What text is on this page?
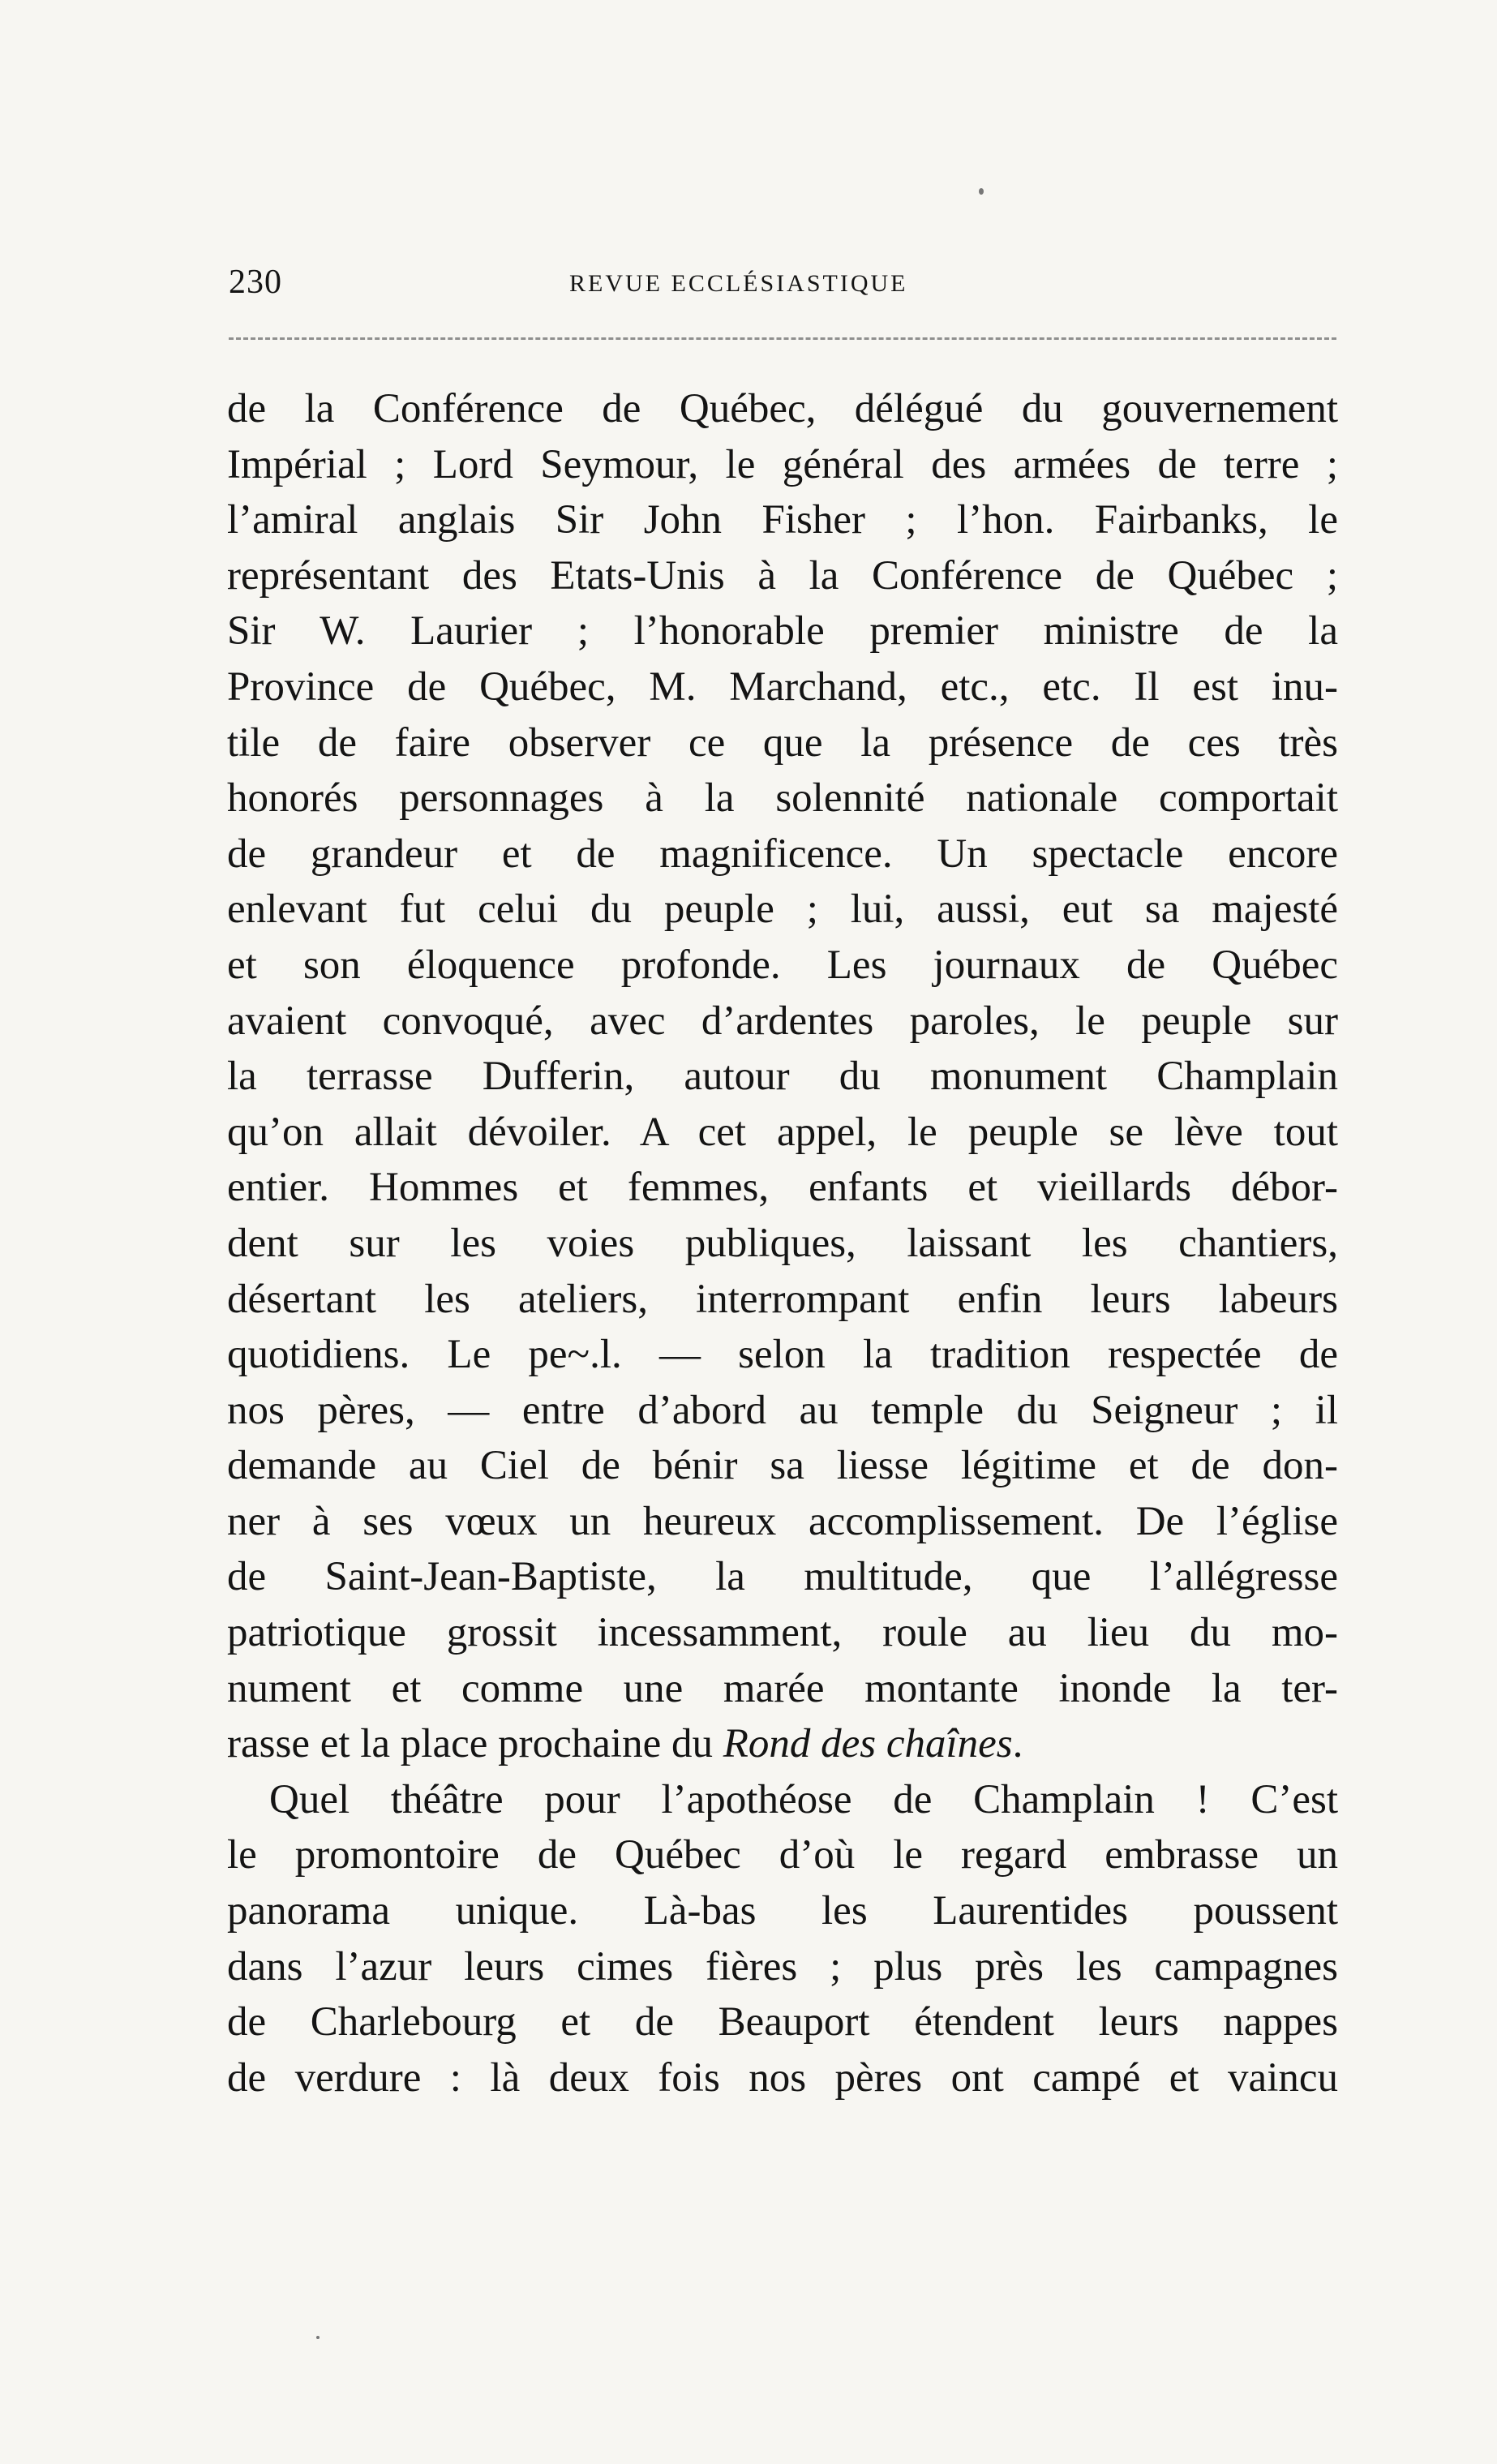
230	REVUE ECCLÉSIASTIQUE

de la Conférence de Québec, délégué du gouvernement
Impérial ; Lord Seymour, le général des armées de terre ;
l’amiral anglais Sir John Fisher ; l’hon. Fairbanks, le
représentant des Etats-Unis à la Conférence de Québec ;
Sir W. Laurier ; l’honorable premier ministre de la
Province de Québec, M. Marchand, etc., etc. Il est inu-
tile de faire observer ce que la présence de ces très
honorés personnages à la solennité nationale comportait
de grandeur et de magnificence. Un spectacle encore
enlevant fut celui du peuple ; lui, aussi, eut sa majesté
et son éloquence profonde. Les journaux de Québec
avaient convoqué, avec d’ardentes paroles, le peuple sur
la terrasse Dufferin, autour du monument Champlain
qu’on allait dévoiler. A cet appel, le peuple se lève tout
entier. Hommes et femmes, enfants et vieillards débor-
dent sur les voies publiques, laissant les chantiers,
désertant les ateliers, interrompant enfin leurs labeurs
quotidiens. Le pe~.l. — selon la tradition respectée de
nos pères, — entre d’abord au temple du Seigneur ; il
demande au Ciel de bénir sa liesse légitime et de don-
ner à ses vœux un heureux accomplissement. De l’église
de Saint-Jean-Baptiste, la multitude, que l’allégresse
patriotique grossit incessamment, roule au lieu du mo-
nument et comme une marée montante inonde la ter-
rasse et la place prochaine du Rond des chaînes.

Quel théâtre pour l’apothéose de Champlain ! C’est
le promontoire de Québec d’où le regard embrasse un
panorama unique. Là-bas les Laurentides poussent
dans l’azur leurs cimes fières ; plus près les campagnes
de Charlebourg et de Beauport étendent leurs nappes
de verdure : là deux fois nos pères ont campé et vaincu
